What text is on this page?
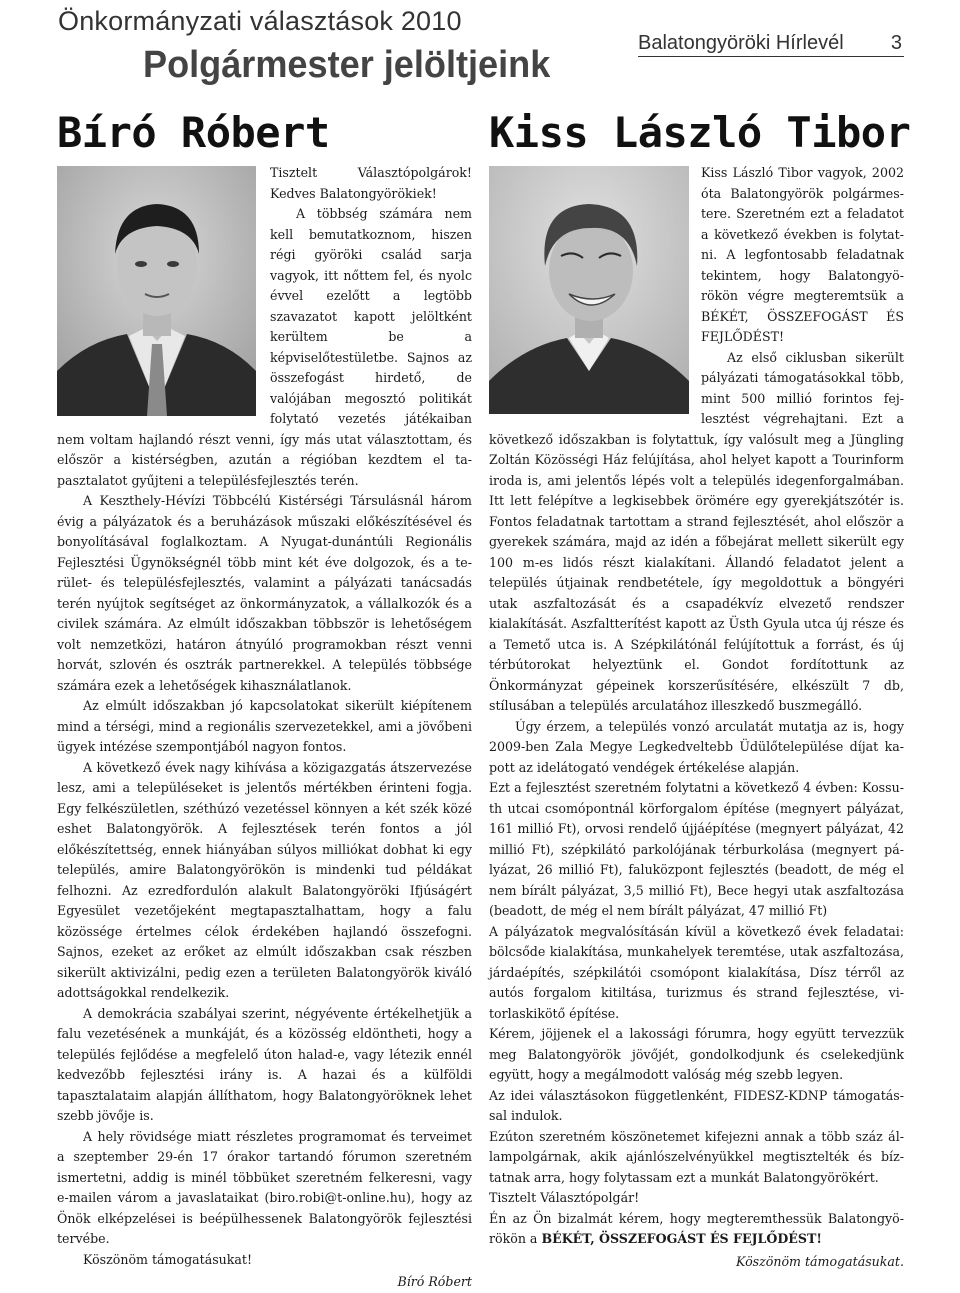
Önkormányzati választások 2010
Polgármester jelöltjeink
Balatongyöröki Hírlevél 3
Bíró Róbert	Kiss László Tibor

Tisztelt Választópolgárok! Kedves Balatongyörökiek!

A többség számára nem kell bemutatkoznom, hiszen régi györöki család sarja vagyok, itt nőttem fel, és nyolc évvel ezelőtt a legtöbb szavazatot kapott jelöltként kerültem be a képviselőtestületbe. Sajnos az összefogást hirdető, de valójában megosztó politikát folytató vezetés játékaiban nem voltam hajlandó részt venni, így más utat választottam, és először a kistérségben, azután a régióban kezdtem el tapasztalatot gyűjteni a településfejlesztés terén.

A Keszthely-Hévízi Többcélú Kistérségi Társulásnál három évig a pályázatok és a beruházások műszaki előkészítésével és bonyolításával foglalkoztam. A Nyugat-dunántúli Regionális Fejlesztési Ügynökségnél több mint két éve dolgozok, és a terület- és településfejlesztés, valamint a pályázati tanácsadás terén nyújtok segítséget az önkormányzatok, a vállalkozók és a civilek számára. Az elmúlt időszakban többször is lehetőségem volt nemzetközi, határon átnyúló programokban részt venni horvát, szlovén és osztrák partnerekkel. A település többsége számára ezek a lehetőségek kihasználatlanok.

Az elmúlt időszakban jó kapcsolatokat sikerült kiépítenem mind a térségi, mind a regionális szervezetekkel, ami a jövőbeni ügyek intézése szempontjából nagyon fontos.

A következő évek nagy kihívása a közigazgatás átszervezése lesz, ami a településeket is jelentős mértékben érinteni fogja. Egy felkészületlen, széthúzó vezetéssel könnyen a két szék közé eshet Balatongyörök. A fejlesztések terén fontos a jól előkészítettség, ennek hiányában súlyos milliókat dobhat ki egy település, amire Balatongyörökön is mindenki tud példákat felhozni. Az ezredfordulón alakult Balatongyöröki Ifjúságért Egyesület vezetőjeként megtapasztalhattam, hogy a falu közössége értelmes célok érdekében hajlandó összefogni. Sajnos, ezeket az erőket az elmúlt időszakban csak részben sikerült aktivizálni, pedig ezen a területen Balatongyörök kiváló adottságokkal rendelkezik.

A demokrácia szabályai szerint, négyévente értékelhetjük a falu vezetésének a munkáját, és a közösség eldöntheti, hogy a település fejlődése a megfelelő úton halad-e, vagy létezik ennél kedvezőbb fejlesztési irány is. A hazai és a külföldi tapasztalataim alapján állíthatom, hogy Balatongyöröknek lehet szebb jövője is.

A hely rövidsége miatt részletes programomat és terveimet a szeptember 29-én 17 órakor tartandó fórumon szeretném ismertetni, addig is minél többüket szeretném felkeresni, vagy e-mailen várom a javaslataikat (biro.robi@t-online.hu), hogy az Önök elképzelései is beépülhessenek Balatongyörök fejlesztési tervébe.

Köszönöm támogatásukat!

Bíró Róbert

Kiss László Tibor vagyok, 2002 óta Balatongyörök polgármestere. Szeretném ezt a feladatot a következő években is folytatni. A legfontosabb feladatnak tekintem, hogy Balatongyörökön végre megteremtsük a BÉKÉT, ÖSSZEFOGÁST ÉS FEJLŐDÉST!

Az első ciklusban sikerült pályázati támogatásokkal több, mint 500 millió forintos fejlesztést végrehajtani. Ezt a következő időszakban is folytattuk, így valósult meg a Jüngling Zoltán Közösségi Ház felújítása, ahol helyet kapott a Tourinform iroda is, ami jelentős lépés volt a település idegenforgalmában. Itt lett felépítve a legkisebbek örömére egy gyerekjátszótér is. Fontos feladatnak tartottam a strand fejlesztését, ahol először a gyerekek számára, majd az idén a főbejárat mellett sikerült egy 100 m-es lidós részt kialakítani. Állandó feladatot jelent a település útjainak rendbetétele, így megoldottuk a böngyéri utak aszfaltozását és a csapadékvíz elvezető rendszer kialakítását. Aszfaltterítést kapott az Üsth Gyula utca új része és a Temető utca is. A Szépkilátónál felújítottuk a forrást, és új térbútorokat helyeztünk el. Gondot fordítottunk az Önkormányzat gépeinek korszerűsítésére, elkészült 7 db, stílusában a település arculatához illeszkedő buszmegálló.

Úgy érzem, a település vonzó arculatát mutatja az is, hogy 2009-ben Zala Megye Legkedveltebb Üdülőtelepülése díjat kapott az idelátogató vendégek értékelése alapján.

Ezt a fejlesztést szeretném folytatni a következő 4 évben: Kossuth utcai csomópontnál körforgalom építése (megnyert pályázat, 161 millió Ft), orvosi rendelő újjáépítése (megnyert pályázat, 42 millió Ft), szépkilátó parkolójának térburkolása (megnyert pályázat, 26 millió Ft), faluközpont fejlesztés (beadott, de még el nem bírált pályázat, 3,5 millió Ft), Bece hegyi utak aszfaltozása (beadott, de még el nem bírált pályázat, 47 millió Ft)

A pályázatok megvalósításán kívül a következő évek feladatai: bölcsőde kialakítása, munkahelyek teremtése, utak aszfaltozása, járdaépítés, szépkilátói csomópont kialakítása, Dísz térről az autós forgalom kitiltása, turizmus és strand fejlesztése, vitorlaskikötő építése.

Kérem, jöjjenek el a lakossági fórumra, hogy együtt tervezzük meg Balatongyörök jövőjét, gondolkodjunk és cselekedjünk együtt, hogy a megálmodott valóság még szebb legyen.

Az idei választásokon függetlenként, FIDESZ-KDNP támogatással indulok.

Ezúton szeretném köszönetemet kifejezni annak a több száz állampolgárnak, akik ajánlószelvényükkel megtisztelték és bíztatnak arra, hogy folytassam ezt a munkát Balatongyörökért.

Tisztelt Választópolgár!

Én az Ön bizalmát kérem, hogy megteremthessük Balatongyörökön a BÉKÉT, ÖSSZEFOGÁST ÉS FEJLŐDÉST!

Köszönöm támogatásukat.
